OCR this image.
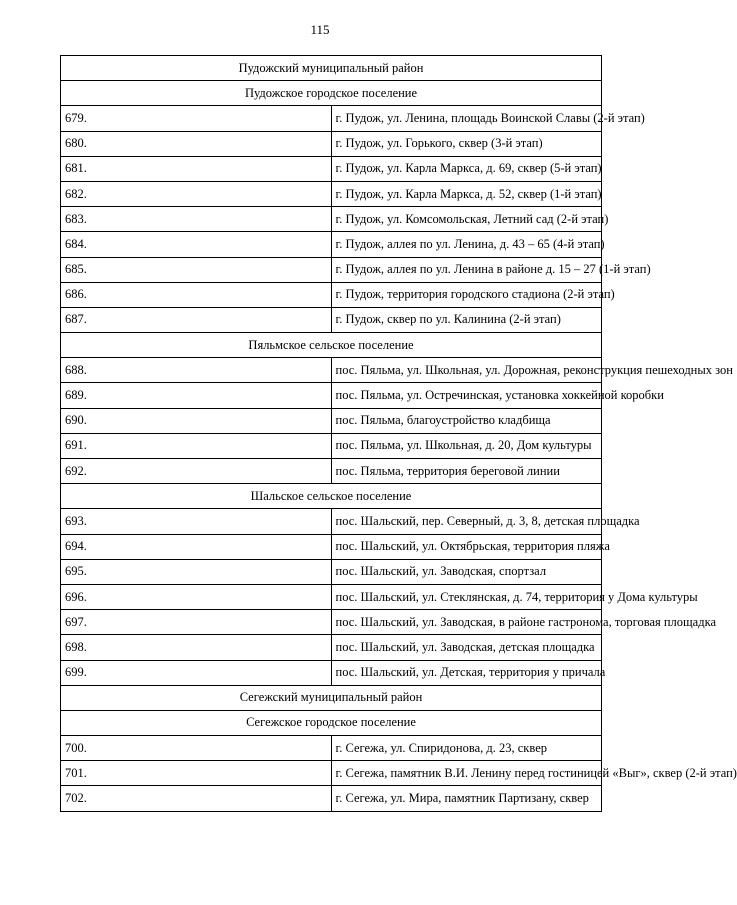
115
Пудожский муниципальный район	
Пудожское городское поселение	
679.	г. Пудож, ул. Ленина, площадь Воинской Славы (2-й этап)
680.	г. Пудож, ул. Горького, сквер (3-й этап)
681.	г. Пудож, ул. Карла Маркса, д. 69, сквер (5-й этап)
682.	г. Пудож, ул. Карла Маркса, д. 52, сквер (1-й этап)
683.	г. Пудож, ул. Комсомольская, Летний сад (2-й этап)
684.	г. Пудож, аллея по ул. Ленина, д. 43 – 65 (4-й этап)
685.	г. Пудож, аллея по ул. Ленина в районе д. 15 – 27 (1-й этап)
686.	г. Пудож, территория городского стадиона (2-й этап)
687.	г. Пудож, сквер по ул. Калинина (2-й этап)
Пяльмское сельское поселение	
688.	пос. Пяльма, ул. Школьная, ул. Дорожная, реконструкция пешеходных зон
689.	пос. Пяльма, ул. Остречинская, установка хоккейной коробки
690.	пос. Пяльма, благоустройство кладбища
691.	пос. Пяльма, ул. Школьная, д. 20, Дом культуры
692.	пос. Пяльма, территория береговой линии
Шальское сельское поселение	
693.	пос. Шальский, пер. Северный, д. 3, 8, детская площадка
694.	пос. Шальский, ул. Октябрьская, территория пляжа
695.	пос. Шальский, ул. Заводская, спортзал
696.	пос. Шальский, ул. Стеклянская, д. 74, территория у Дома культуры
697.	пос. Шальский, ул. Заводская, в районе гастронома, торговая площадка
698.	пос. Шальский, ул. Заводская, детская площадка
699.	пос. Шальский, ул. Детская, территория у причала
Сегежский муниципальный район	
Сегежское городское поселение	
700.	г. Сегежа, ул. Спиридонова, д. 23, сквер
701.	г. Сегежа, памятник В.И. Ленину перед гостиницей «Выг», сквер (2-й этап)
702.	г. Сегежа, ул. Мира, памятник Партизану, сквер
